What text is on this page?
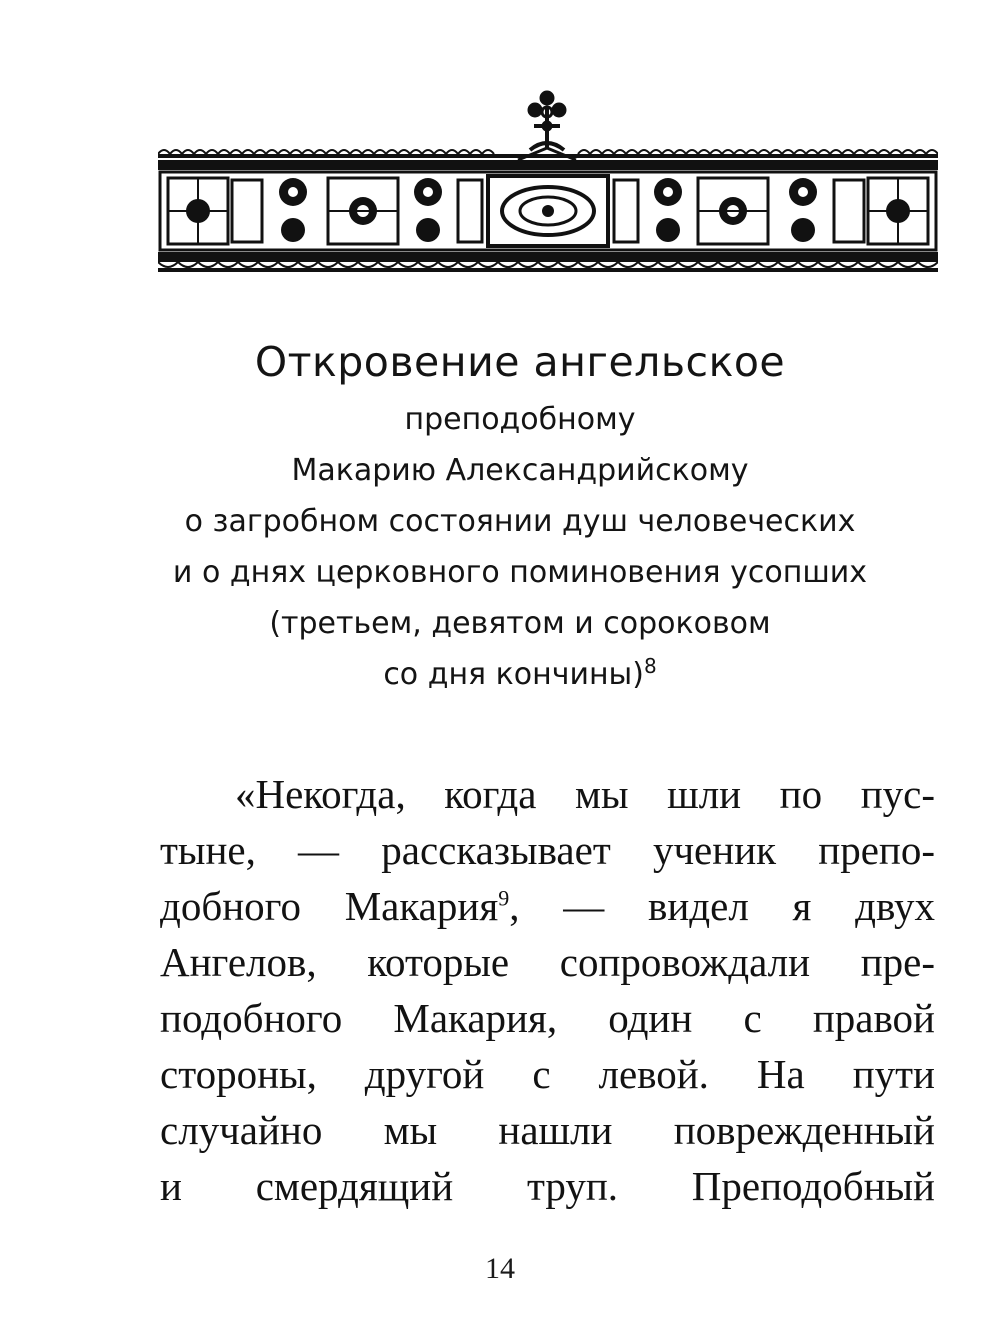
Откровение ангельское
преподобному
Макарию Александрийскому
о загробном состоянии душ человеческих
и о днях церковного поминовения усопших
(третьем, девятом и сороковом
со дня кончины)$^8$
«Некогда, когда мы шли по пус-
тыне, — рассказывает ученик препо-
добного Макария$^9$, — видел я двух
Ангелов, которые сопровождали пре-
подобного Макария, один с правой
стороны, другой с левой. На пути
случайно мы нашли поврежденный
и смердящий труп. Преподобный
14
